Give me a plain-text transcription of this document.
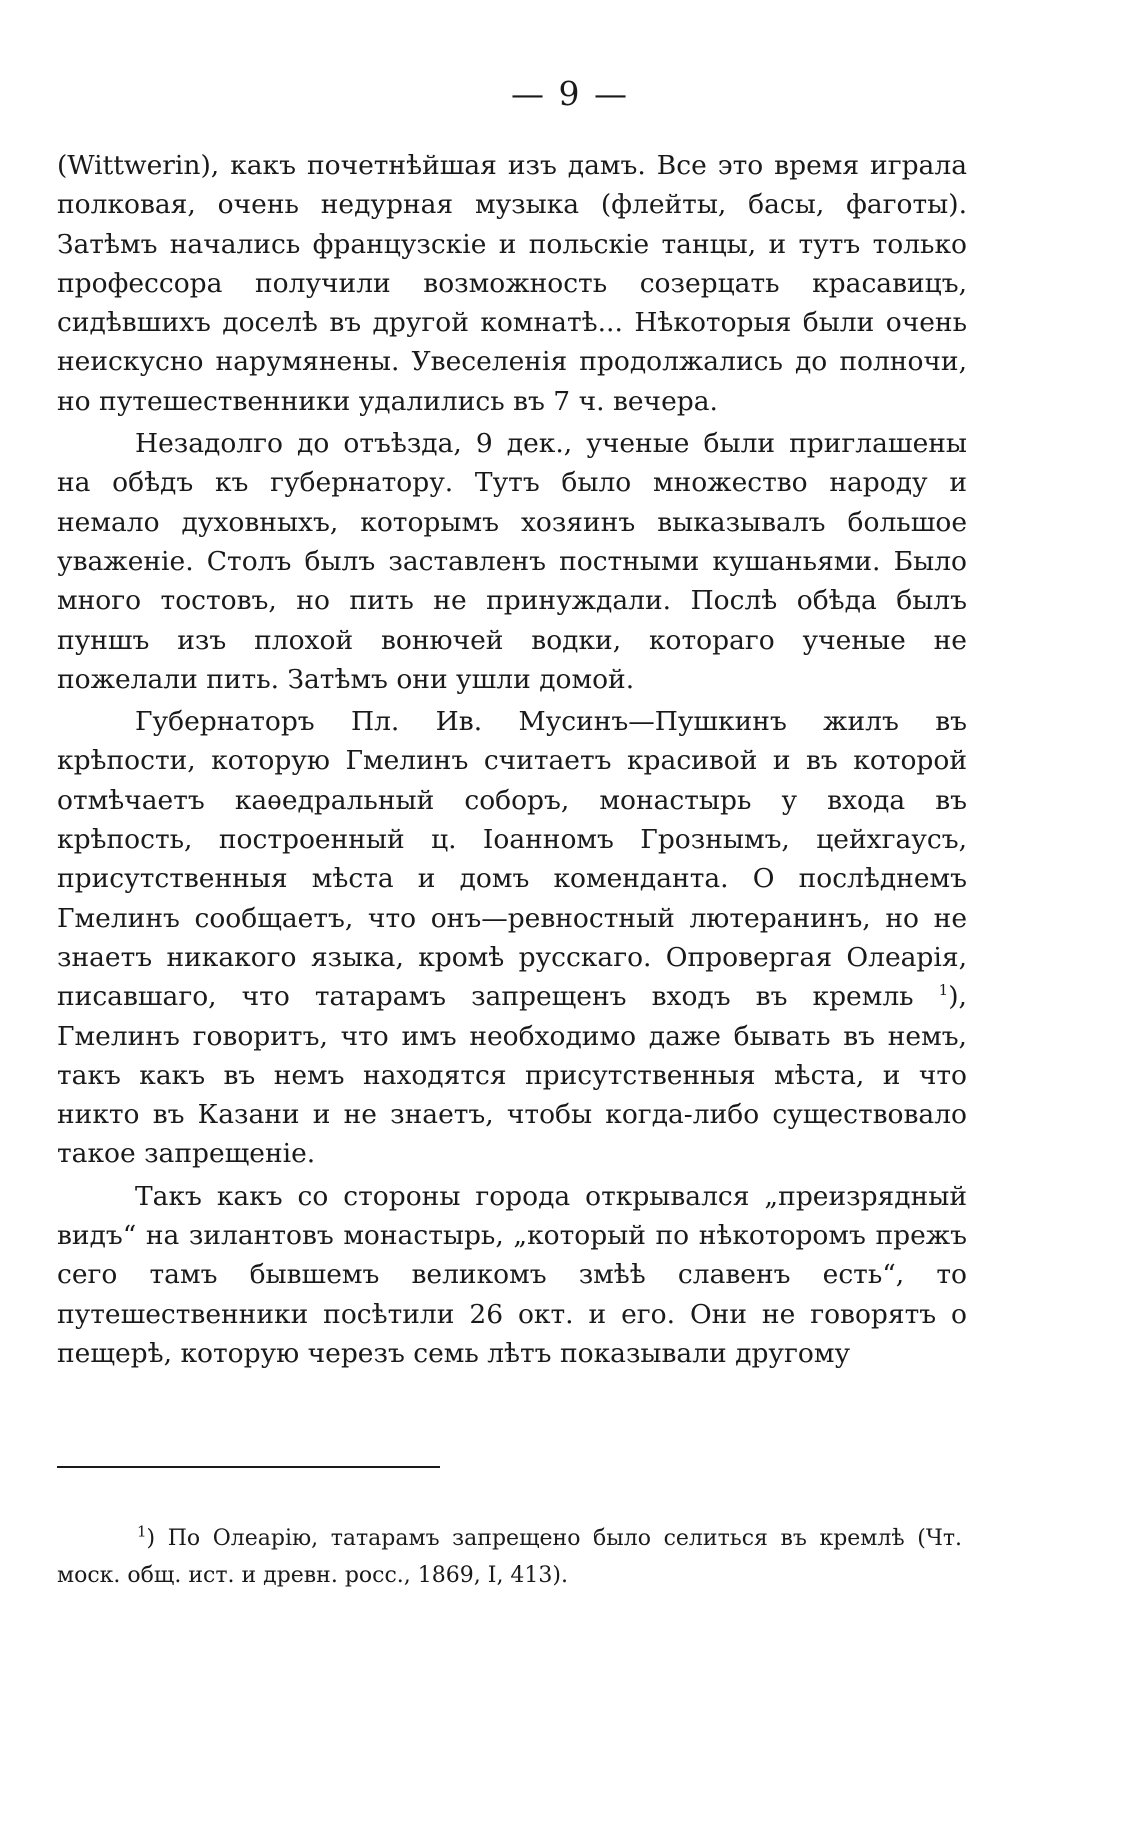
— 9 —

(Wittwerin), какъ почетнѣйшая изъ дамъ. Все это время играла полковая, очень недурная музыка (флейты, басы, фаготы). Затѣмъ начались французскіе и польскіе танцы, и тутъ только профессора получили возможность созерцать красавицъ, сидѣвшихъ доселѣ въ другой комнатѣ... Нѣкоторыя были очень неискусно нарумянены. Увеселенія продолжались до полночи, но путешественники удалились въ 7 ч. вечера.

Незадолго до отъѣзда, 9 дек., ученые были приглашены на обѣдъ къ губернатору. Тутъ было множество народу и немало духовныхъ, которымъ хозяинъ выказывалъ большое уваженіе. Столъ былъ заставленъ постными кушаньями. Было много тостовъ, но пить не принуждали. Послѣ обѣда былъ пуншъ изъ плохой вонючей водки, котораго ученые не пожелали пить. Затѣмъ они ушли домой.

Губернаторъ Пл. Ив. Мусинъ—Пушкинъ жилъ въ крѣпости, которую Гмелинъ считаетъ красивой и въ которой отмѣчаетъ каѳедральный соборъ, монастырь у входа въ крѣпость, построенный ц. Іоанномъ Грознымъ, цейхгаусъ, присутственныя мѣста и домъ коменданта. О послѣднемъ Гмелинъ сообщаетъ, что онъ—ревностный лютеранинъ, но не знаетъ никакого языка, кромѣ русскаго. Опровергая Олеарія, писавшаго, что татарамъ запрещенъ входъ въ кремль $^1$), Гмелинъ говоритъ, что имъ необходимо даже бывать въ немъ, такъ какъ въ немъ находятся присутственныя мѣста, и что никто въ Казани и не знаетъ, чтобы когда-либо существовало такое запрещеніе.

Такъ какъ со стороны города открывался „преизрядный видъ“ на зилантовъ монастырь, „который по нѣкоторомъ прежъ сего тамъ бывшемъ великомъ змѣѣ славенъ есть“, то путешественники посѣтили 26 окт. и его. Они не говорятъ о пещерѣ, которую черезъ семь лѣтъ показывали другому

$^1$) По Олеарію, татарамъ запрещено было селиться въ кремлѣ (Чт. моск. общ. ист. и древн. росс., 1869, I, 413).
